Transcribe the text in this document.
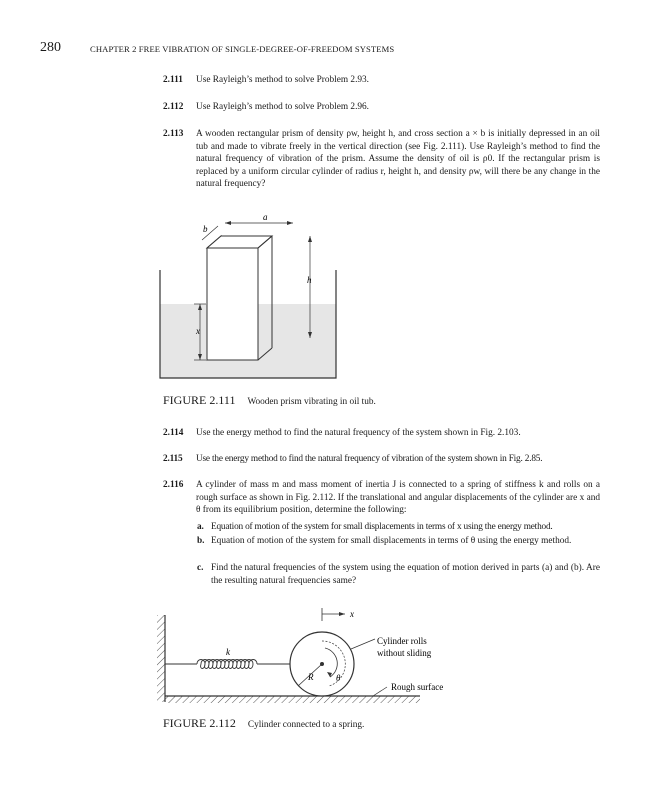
280	CHAPTER 2 FREE VIBRATION OF SINGLE-DEGREE-OF-FREEDOM SYSTEMS
2.111 Use Rayleigh’s method to solve Problem 2.93.
2.112 Use Rayleigh’s method to solve Problem 2.96.
2.113 A wooden rectangular prism of density ρw, height h, and cross section a × b is initially depressed in an oil tub and made to vibrate freely in the vertical direction (see Fig. 2.111). Use Rayleigh’s method to find the natural frequency of vibration of the prism. Assume the density of oil is ρ0. If the rectangular prism is replaced by a uniform circular cylinder of radius r, height h, and density ρw, will there be any change in the natural frequency?
a
b
h
x
FIGURE 2.111 Wooden prism vibrating in oil tub.
2.114 Use the energy method to find the natural frequency of the system shown in Fig. 2.103.
2.115 Use the energy method to find the natural frequency of vibration of the system shown in Fig. 2.85.
2.116 A cylinder of mass m and mass moment of inertia J is connected to a spring of stiffness k and rolls on a rough surface as shown in Fig. 2.112. If the translational and angular displacements of the cylinder are x and θ from its equilibrium position, determine the following:
a. Equation of motion of the system for small displacements in terms of x using the energy method.
b. Equation of motion of the system for small displacements in terms of θ using the energy method.
c. Find the natural frequencies of the system using the equation of motion derived in parts (a) and (b). Are the resulting natural frequencies same?
k
R	θ
x
Cylinder rolls
without sliding
Rough surface
FIGURE 2.112 Cylinder connected to a spring.
